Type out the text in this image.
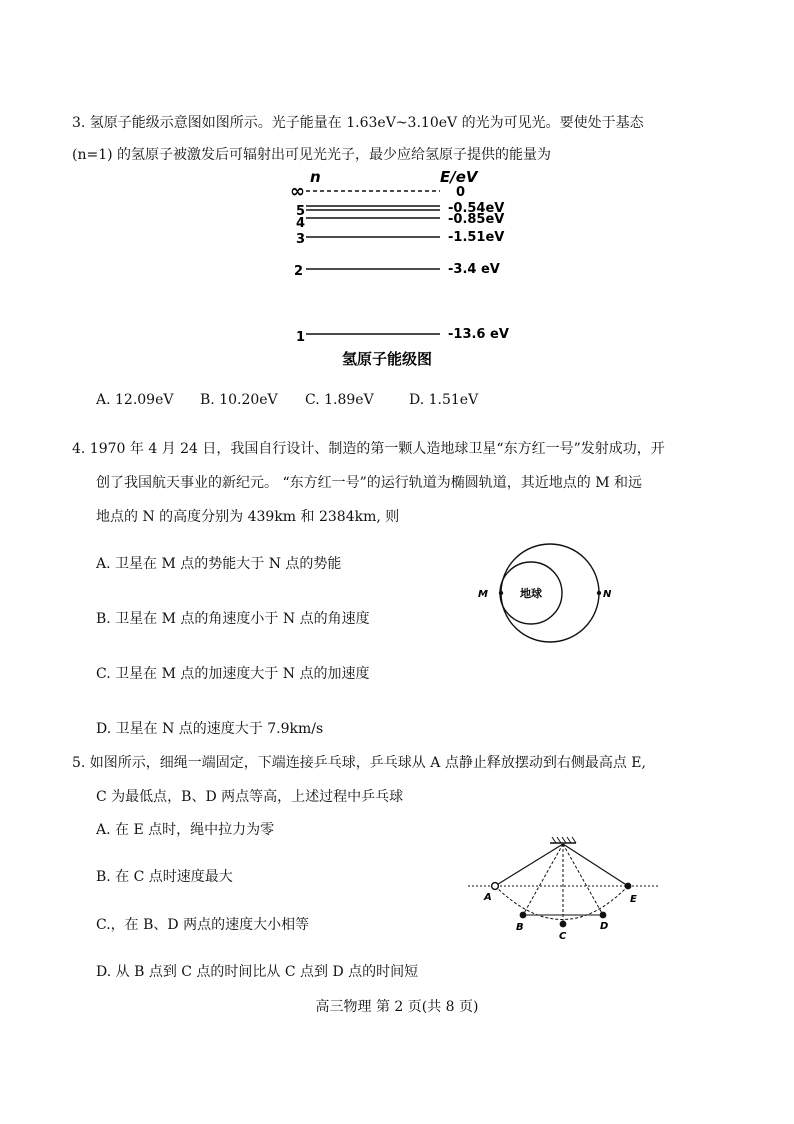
3. 氢原子能级示意图如图所示。光子能量在 1.63eV~3.10eV 的光为可见光。要使处于基态
(n=1) 的氢原子被激发后可辐射出可见光光子，最少应给氢原子提供的能量为
n	E/eV
∞	0
5	-0.54eV
4	-0.85eV
3	-1.51eV
2	-3.4 eV
1	-13.6 eV
氢原子能级图
A. 12.09eV B. 10.20eV C. 1.89eV	D. 1.51eV
4. 1970 年 4 月 24 日，我国自行设计、制造的第一颗人造地球卫星“东方红一号”发射成功，开
创了我国航天事业的新纪元。 “东方红一号”的运行轨道为椭圆轨道，其近地点的 M 和远
地点的 N 的高度分别为 439km 和 2384km, 则
地球
M	N
A. 卫星在 M 点的势能大于 N 点的势能
B. 卫星在 M 点的角速度小于 N 点的角速度
C. 卫星在 M 点的加速度大于 N 点的加速度
D. 卫星在 N 点的速度大于 7.9km/s
5. 如图所示，细绳一端固定，下端连接乒乓球，乒乓球从 A 点静止释放摆动到右侧最高点 E,
C 为最低点，B、D 两点等高，上述过程中乒乓球
A
B
C
D
E
A. 在 E 点时，绳中拉力为零
B. 在 C 点时速度最大
C.，在 B、D 两点的速度大小相等
D. 从 B 点到 C 点的时间比从 C 点到 D 点的时间短
高三物理 第 2 页(共 8 页)
